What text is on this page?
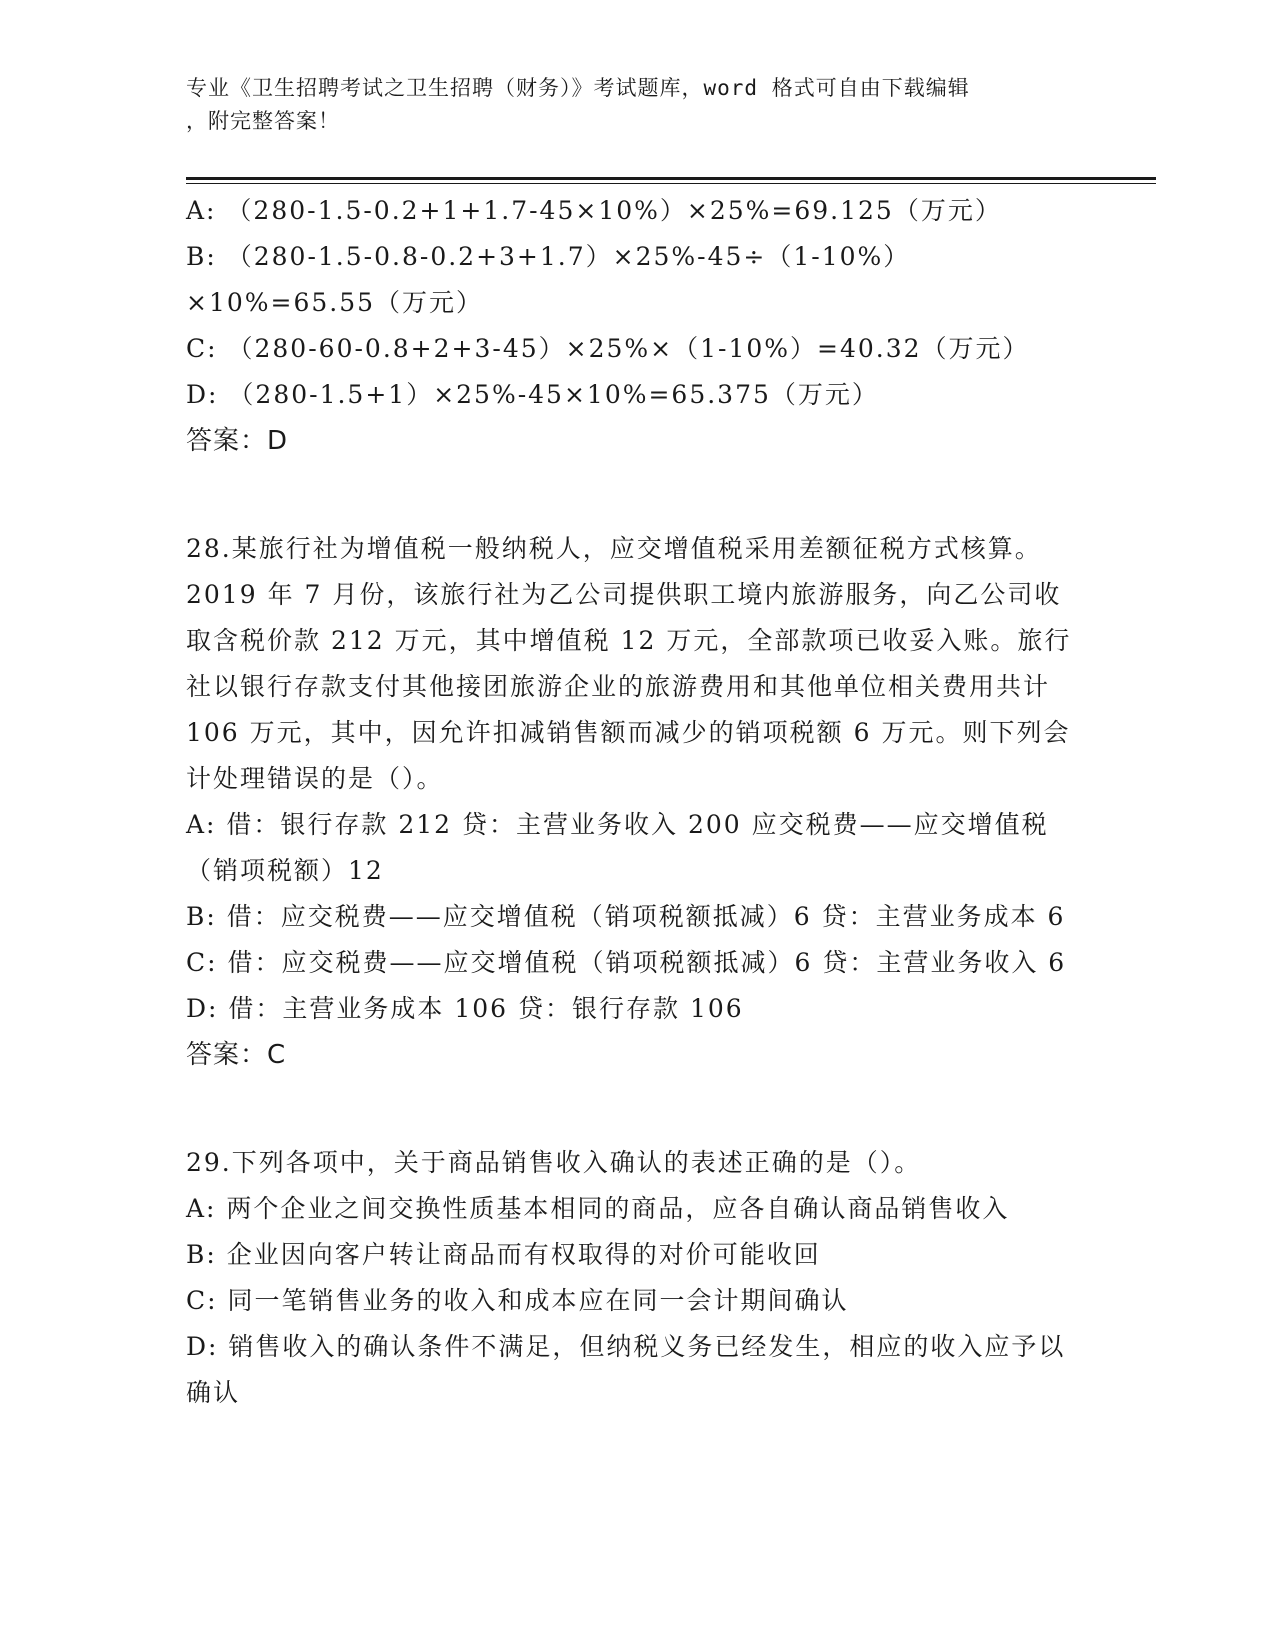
专业《卫生招聘考试之卫生招聘（财务）》考试题库，word 格式可自由下载编辑
，附完整答案！
A: （280-1.5-0.2+1+1.7-45×10%）×25%=69.125（万元）
B: （280-1.5-0.8-0.2+3+1.7）×25%-45÷（1-10%）×10%=65.55（万元）
C: （280-60-0.8+2+3-45）×25%×（1-10%）=40.32（万元）
D: （280-1.5+1）×25%-45×10%=65.375（万元）
答案：D
28.某旅行社为增值税一般纳税人，应交增值税采用差额征税方式核算。2019 年 7 月份，该旅行社为乙公司提供职工境内旅游服务，向乙公司收取含税价款 212 万元，其中增值税 12 万元，全部款项已收妥入账。旅行社以银行存款支付其他接团旅游企业的旅游费用和其他单位相关费用共计 106 万元，其中，因允许扣减销售额而减少的销项税额 6 万元。则下列会计处理错误的是（）。
A: 借：银行存款 212 贷：主营业务收入 200 应交税费——应交增值税（销项税额）12
B: 借：应交税费——应交增值税（销项税额抵减）6 贷：主营业务成本 6
C: 借：应交税费——应交增值税（销项税额抵减）6 贷：主营业务收入 6
D: 借：主营业务成本 106 贷：银行存款 106
答案：C
29.下列各项中，关于商品销售收入确认的表述正确的是（）。
A: 两个企业之间交换性质基本相同的商品，应各自确认商品销售收入
B: 企业因向客户转让商品而有权取得的对价可能收回
C: 同一笔销售业务的收入和成本应在同一会计期间确认
D: 销售收入的确认条件不满足，但纳税义务已经发生，相应的收入应予以确认
